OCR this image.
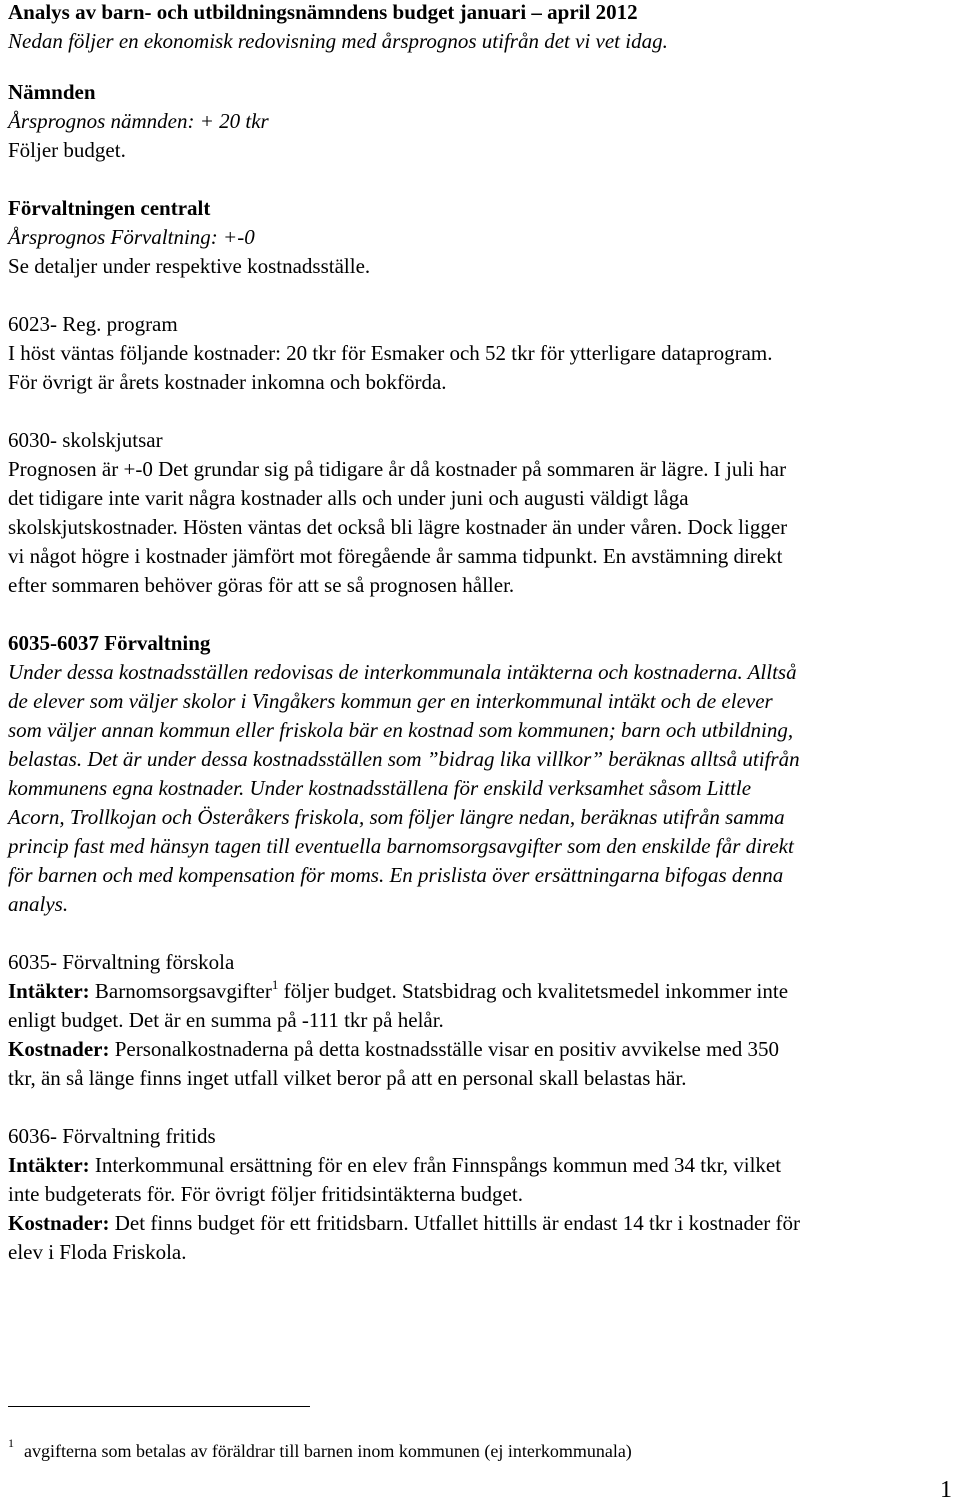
Analys av barn- och utbildningsnämndens budget januari – april 2012
Nedan följer en ekonomisk redovisning med årsprognos utifrån det vi vet idag.
Nämnden
Årsprognos nämnden: + 20 tkr
Följer budget.
Förvaltningen centralt
Årsprognos Förvaltning: +-0
Se detaljer under respektive kostnadsställe.
6023- Reg. program
I höst väntas följande kostnader: 20 tkr för Esmaker och 52 tkr för ytterligare dataprogram.
För övrigt är årets kostnader inkomna och bokförda.
6030- skolskjutsar
Prognosen är +-0 Det grundar sig på tidigare år då kostnader på sommaren är lägre. I juli har
det tidigare inte varit några kostnader alls och under juni och augusti väldigt låga
skolskjutskostnader. Hösten väntas det också bli lägre kostnader än under våren. Dock ligger
vi något högre i kostnader jämfört mot föregående år samma tidpunkt. En avstämning direkt
efter sommaren behöver göras för att se så prognosen håller.
6035-6037 Förvaltning
Under dessa kostnadsställen redovisas de interkommunala intäkterna och kostnaderna. Alltså
de elever som väljer skolor i Vingåkers kommun ger en interkommunal intäkt och de elever
som väljer annan kommun eller friskola bär en kostnad som kommunen; barn och utbildning,
belastas. Det är under dessa kostnadsställen som ”bidrag lika villkor” beräknas alltså utifrån
kommunens egna kostnader. Under kostnadsställena för enskild verksamhet såsom Little
Acorn, Trollkojan och Österåkers friskola, som följer längre nedan, beräknas utifrån samma
princip fast med hänsyn tagen till eventuella barnomsorgsavgifter som den enskilde får direkt
för barnen och med kompensation för moms. En prislista över ersättningarna bifogas denna
analys.
6035- Förvaltning förskola
Intäkter: Barnomsorgsavgifter$^1$ följer budget. Statsbidrag och kvalitetsmedel inkommer inte
enligt budget. Det är en summa på -111 tkr på helår.
Kostnader: Personalkostnaderna på detta kostnadsställe visar en positiv avvikelse med 350
tkr, än så länge finns inget utfall vilket beror på att en personal skall belastas här.
6036- Förvaltning fritids
Intäkter: Interkommunal ersättning för en elev från Finnspångs kommun med 34 tkr, vilket
inte budgeterats för. För övrigt följer fritidsintäkterna budget.
Kostnader: Det finns budget för ett fritidsbarn. Utfallet hittills är endast 14 tkr i kostnader för
elev i Floda Friskola.
$^1$ avgifterna som betalas av föräldrar till barnen inom kommunen (ej interkommunala)
1
